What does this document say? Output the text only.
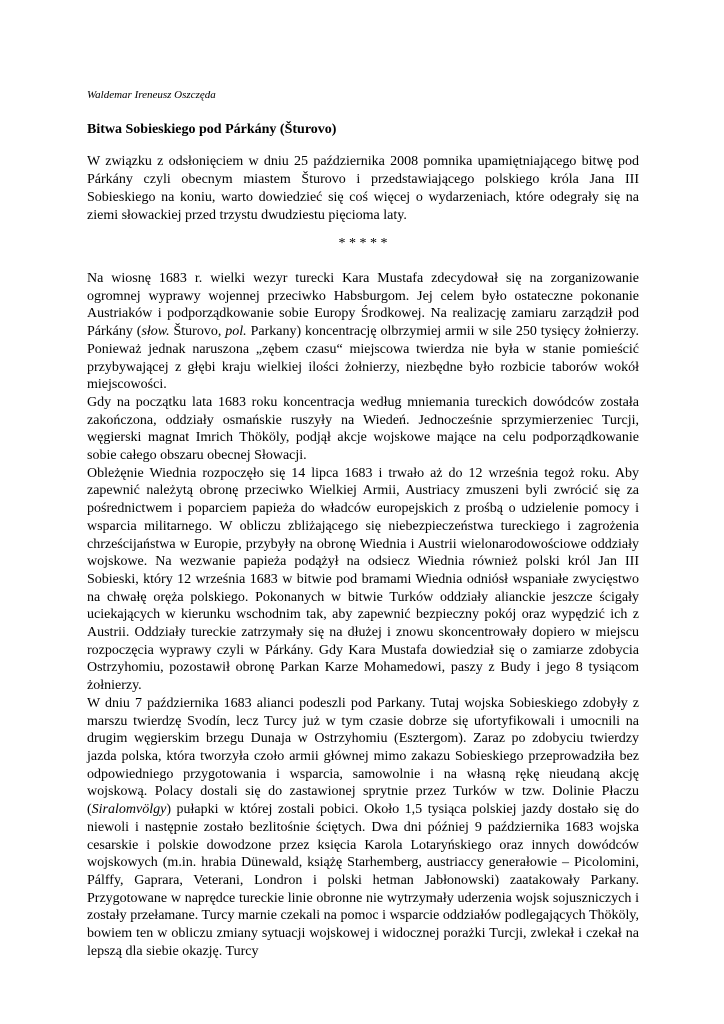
Waldemar Ireneusz Oszczęda
Bitwa Sobieskiego pod Párkány (Šturovo)

W związku z odsłonięciem w dniu 25 października 2008 pomnika upamiętniającego bitwę pod Párkány czyli obecnym miastem Šturovo i przedstawiającego polskiego króla Jana III Sobieskiego na koniu, warto dowiedzieć się coś więcej o wydarzeniach, które odegrały się na ziemi słowackiej przed trzystu dwudziestu pięcioma laty.

* * * * *

Na wiosnę 1683 r. wielki wezyr turecki Kara Mustafa zdecydował się na zorganizowanie ogromnej wyprawy wojennej przeciwko Habsburgom. Jej celem było ostateczne pokonanie Austriaków i podporządkowanie sobie Europy Środkowej. Na realizację zamiaru zarządził pod Párkány (słow. Šturovo, pol. Parkany) koncentrację olbrzymiej armii w sile 250 tysięcy żołnierzy. Ponieważ jednak naruszona „zębem czasu“ miejscowa twierdza nie była w stanie pomieścić przybywającej z głębi kraju wielkiej ilości żołnierzy, niezbędne było rozbicie taborów wokół miejscowości.

Gdy na początku lata 1683 roku koncentracja według mniemania tureckich dowódców została zakończona, oddziały osmańskie ruszyły na Wiedeń. Jednocześnie sprzymierzeniec Turcji, węgierski magnat Imrich Thököly, podjął akcje wojskowe mające na celu podporządkowanie sobie całego obszaru obecnej Słowacji.

Obleżęnie Wiednia rozpoczęło się 14 lipca 1683 i trwało aż do 12 września tegoż roku. Aby zapewnić należytą obronę przeciwko Wielkiej Armii, Austriacy zmuszeni byli zwrócić się za pośrednictwem i poparciem papieża do władców europejskich z prośbą o udzielenie pomocy i wsparcia militarnego. W obliczu zbliżającego się niebezpieczeństwa tureckiego i zagrożenia chrześcijaństwa w Europie, przybyły na obronę Wiednia i Austrii wielonarodowościowe oddziały wojskowe. Na wezwanie papieża podążył na odsiecz Wiednia również polski król Jan III Sobieski, który 12 września 1683 w bitwie pod bramami Wiednia odniósł wspaniałe zwycięstwo na chwałę oręża polskiego. Pokonanych w bitwie Turków oddziały alianckie jeszcze ścigały uciekających w kierunku wschodnim tak, aby zapewnić bezpieczny pokój oraz wypędzić ich z Austrii. Oddziały tureckie zatrzymały się na dłużej i znowu skoncentrowały dopiero w miejscu rozpoczęcia wyprawy czyli w Párkány. Gdy Kara Mustafa dowiedział się o zamiarze zdobycia Ostrzyhomiu, pozostawił obronę Parkan Karze Mohamedowi, paszy z Budy i jego 8 tysiącom żołnierzy.

W dniu 7 października 1683 alianci podeszli pod Parkany. Tutaj wojska Sobieskiego zdobyły z marszu twierdzę Svodín, lecz Turcy już w tym czasie dobrze się ufortyfikowali i umocnili na drugim węgierskim brzegu Dunaja w Ostrzyhomiu (Esztergom). Zaraz po zdobyciu twierdzy jazda polska, która tworzyła czoło armii głównej mimo zakazu Sobieskiego przeprowadziła bez odpowiedniego przygotowania i wsparcia, samowolnie i na własną rękę nieudaną akcję wojskową. Polacy dostali się do zastawionej sprytnie przez Turków w tzw. Dolinie Płaczu (Siralomvölgy) pułapki w której zostali pobici. Około 1,5 tysiąca polskiej jazdy dostało się do niewoli i następnie zostało bezlitośnie ściętych. Dwa dni później 9 października 1683 wojska cesarskie i polskie dowodzone przez księcia Karola Lotaryńskiego oraz innych dowódców wojskowych (m.in. hrabia Dünewald, książę Starhemberg, austriaccy generałowie – Picolomini, Pálffy, Gaprara, Veterani, Londron i polski hetman Jabłonowski) zaatakowały Parkany. Przygotowane w naprędce tureckie linie obronne nie wytrzymały uderzenia wojsk sojuszniczych i zostały przełamane. Turcy marnie czekali na pomoc i wsparcie oddziałów podlegających Thököly, bowiem ten w obliczu zmiany sytuacji wojskowej i widocznej porażki Turcji, zwlekał i czekał na lepszą dla siebie okazję. Turcy
